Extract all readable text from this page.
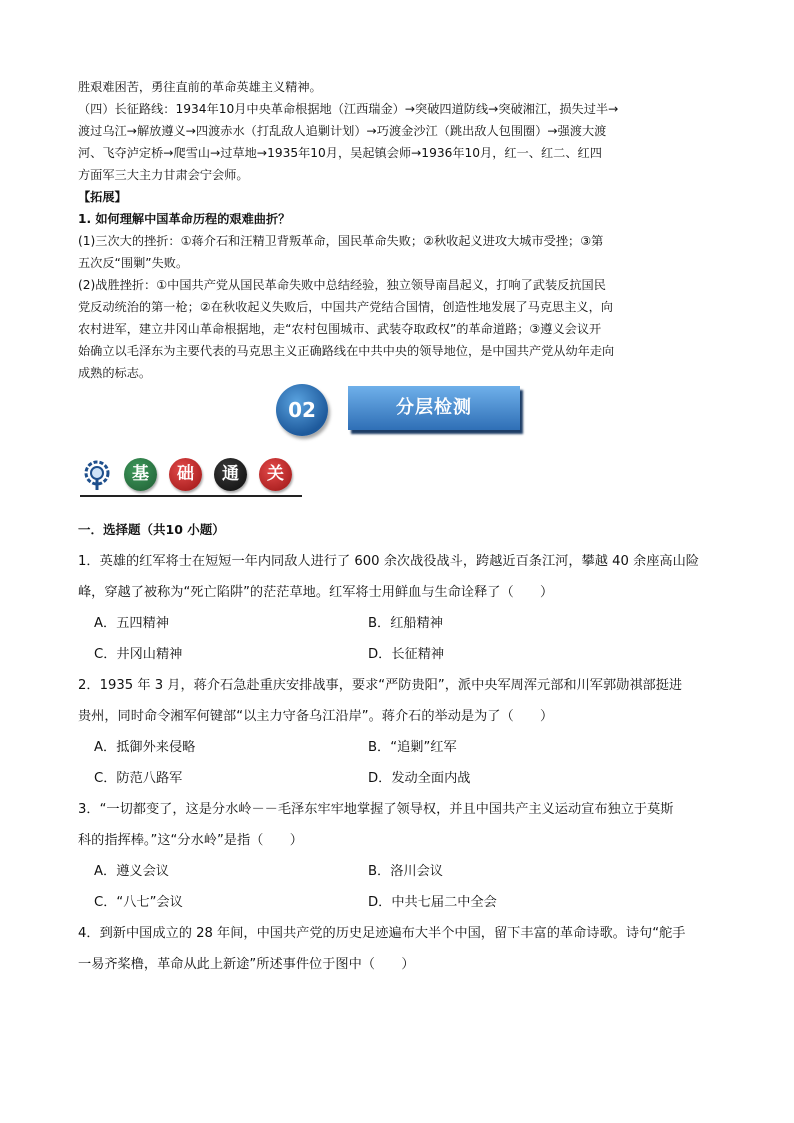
胜艰难困苦，勇往直前的革命英雄主义精神。

（四）长征路线：1934年10月中央革命根据地（江西瑞金）→突破四道防线→突破湘江，损失过半→

渡过乌江→解放遵义→四渡赤水（打乱敌人追剿计划）→巧渡金沙江（跳出敌人包围圈）→强渡大渡

河、飞夺泸定桥→爬雪山→过草地→1935年10月，吴起镇会师→1936年10月，红一、红二、红四

方面军三大主力甘肃会宁会师。

【拓展】

1. 如何理解中国革命历程的艰难曲折？

(1)三次大的挫折：①蒋介石和汪精卫背叛革命，国民革命失败；②秋收起义进攻大城市受挫；③第

五次反“围剿”失败。

(2)战胜挫折：①中国共产党从国民革命失败中总结经验，独立领导南昌起义，打响了武装反抗国民

党反动统治的第一枪；②在秋收起义失败后，中国共产党结合国情，创造性地发展了马克思主义，向

农村进军，建立井冈山革命根据地，走“农村包围城市、武装夺取政权”的革命道路；③遵义会议开

始确立以毛泽东为主要代表的马克思主义正确路线在中共中央的领导地位，是中国共产党从幼年走向

成熟的标志。

02	分层检测
基	础	通	关
一．选择题（共10 小题）

1．英雄的红军将士在短短一年内同敌人进行了 600 余次战役战斗，跨越近百条江河，攀越 40 余座高山险

峰，穿越了被称为“死亡陷阱”的茫茫草地。红军将士用鲜血与生命诠释了（　　）

A．五四精神	B．红船精神
C．井冈山精神	D．长征精神

2．1935 年 3 月，蒋介石急赴重庆安排战事，要求“严防贵阳”，派中央军周浑元部和川军郭勋祺部挺进

贵州，同时命令湘军何键部“以主力守备乌江沿岸”。蒋介石的举动是为了（　　）

A．抵御外来侵略	B．“追剿”红军
C．防范八路军	D．发动全面内战

3．“一切都变了，这是分水岭－－毛泽东牢牢地掌握了领导权，并且中国共产主义运动宣布独立于莫斯

科的指挥棒。”这“分水岭”是指（　　）

A．遵义会议	B．洛川会议
C．“八七”会议	D．中共七届二中全会

4．到新中国成立的 28 年间，中国共产党的历史足迹遍布大半个中国，留下丰富的革命诗歌。诗句“舵手

一易齐桨橹，革命从此上新途”所述事件位于图中（　　）
